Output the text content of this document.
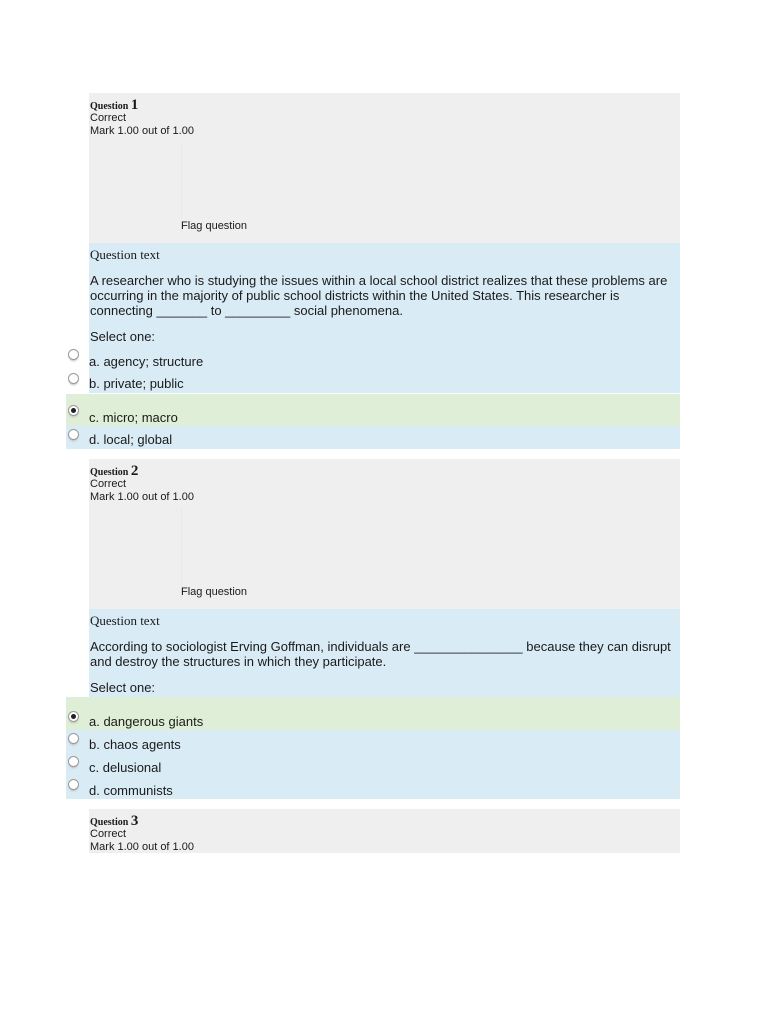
Question 1
Correct
Mark 1.00 out of 1.00
Flag question
Question text
A researcher who is studying the issues within a local school district realizes that these problems are occurring in the majority of public school districts within the United States. This researcher is connecting _______ to _________ social phenomena.
Select one:
a. agency; structure
b. private; public
c. micro; macro
d. local; global
Question 2
Correct
Mark 1.00 out of 1.00
Flag question
Question text
According to sociologist Erving Goffman, individuals are _______________ because they can disrupt and destroy the structures in which they participate.
Select one:
a. dangerous giants
b. chaos agents
c. delusional
d. communists
Question 3
Correct
Mark 1.00 out of 1.00
